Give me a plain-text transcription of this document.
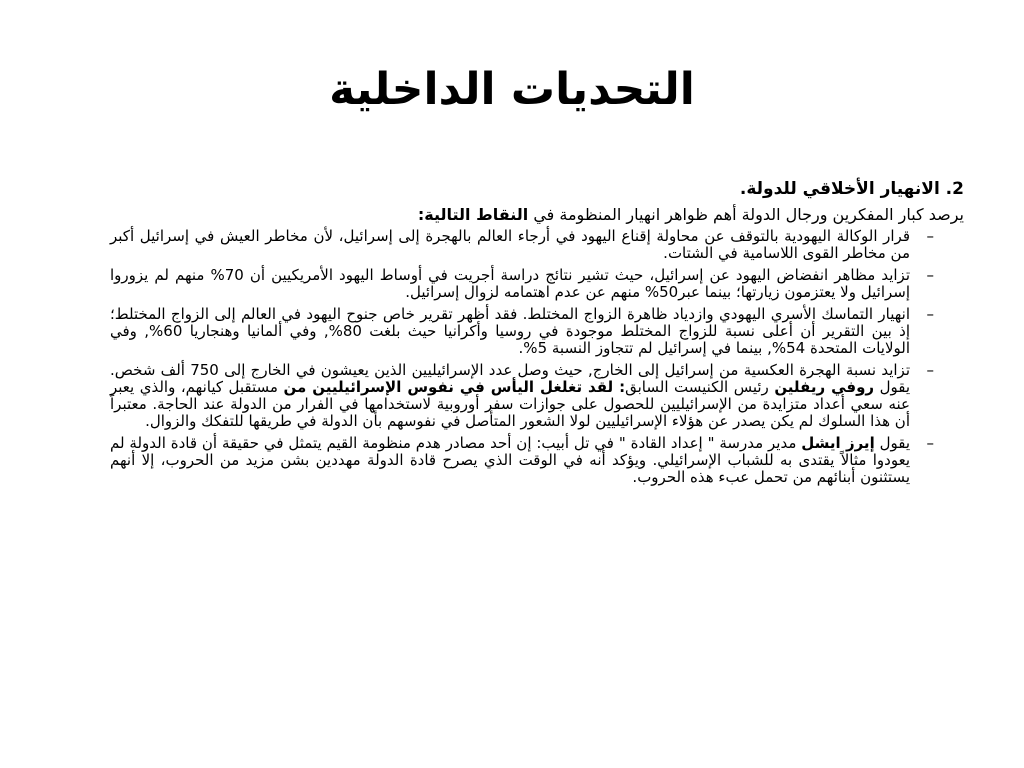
التحديات الداخلية
2. الانهيار الأخلاقي للدولة.
يرصد كبار المفكرين ورجال الدولة أهم ظواهر انهيار المنظومة في النقاط التالية:
–
قرار الوكالة اليهودية بالتوقف عن محاولة إقناع اليهود في أرجاء العالم بالهجرة إلى إسرائيل، لأن مخاطر العيش في إسرائيل أكبر من مخاطر القوى اللاسامية في الشتات.
–
تزايد مظاهر انفضاض اليهود عن إسرائيل، حيث تشير نتائج دراسة أجريت في أوساط اليهود الأمريكيين أن 70% منهم لم يزوروا إسرائيل ولا يعتزمون زيارتها؛ بينما عبر50% منهم عن عدم اهتمامه لزوال إسرائيل.
–
انهيار التماسك الأسري اليهودي وازدياد ظاهرة الزواج المختلط. فقد أظهر تقرير خاص جنوح اليهود في العالم إلى الزواج المختلط؛ إذ بين التقرير أن أعلى نسبة للزواج المختلط موجودة في روسيا وأكرانيا حيث بلغت 80%, وفي ألمانيا وهنجاريا 60%, وفي الولايات المتحدة 54%, بينما في إسرائيل لم تتجاوز النسبة 5%.
–
تزايد نسبة الهجرة العكسية من إسرائيل إلى الخارج, حيث وصل عدد الإسرائيليين الذين يعيشون في الخارج إلى 750 ألف شخص. يقول روفي ريفلين رئيس الكنيست السابق: لقد تغلغل اليأس في نفوس الإسرائيليين من مستقبل كيانهم، والذي يعبر عنه سعي أعداد متزايدة من الإسرائيليين للحصول على جوازات سفر أوروبية لاستخدامها في الفرار من الدولة عند الحاجة. معتبراً أن هذا السلوك لم يكن يصدر عن هؤلاء الإسرائيليين لولا الشعور المتأصل في نفوسهم بأن الدولة في طريقها للتفكك والزوال.
–
يقول إيرز ايشل مدير مدرسة " إعداد القادة " في تل أبيب: إن أحد مصادر هدم منظومة القيم يتمثل في حقيقة أن قادة الدولة لم يعودوا مثالاً يقتدى به للشباب الإسرائيلي. ويؤكد أنه في الوقت الذي يصرح قادة الدولة مهددين بشن مزيد من الحروب، إلا أنهم يستثنون أبنائهم من تحمل عبء هذه الحروب.
